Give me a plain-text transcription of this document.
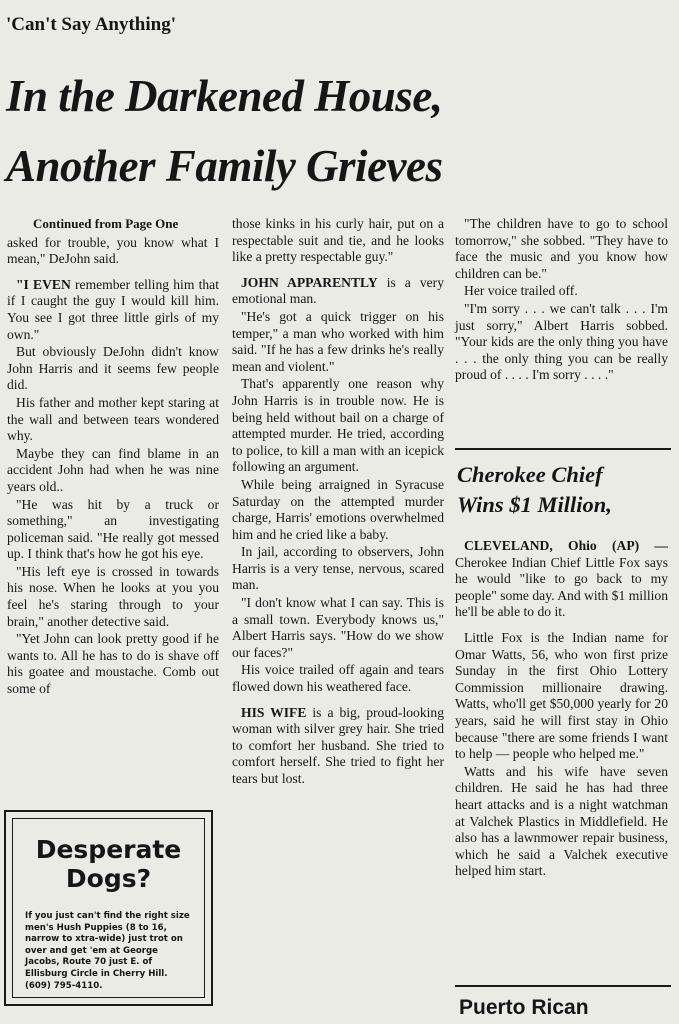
'Can't Say Anything'
In the Darkened House,
Another Family Grieves

Continued from Page One

asked for trouble, you know what I mean," DeJohn said.

"I EVEN remember telling him that if I caught the guy I would kill him. You see I got three little girls of my own."

But obviously DeJohn didn't know John Harris and it seems few people did.

His father and mother kept staring at the wall and between tears wondered why.

Maybe they can find blame in an accident John had when he was nine years old..

"He was hit by a truck or something," an investigating policeman said. "He really got messed up. I think that's how he got his eye.

"His left eye is crossed in towards his nose. When he looks at you you feel he's staring through to your brain," another detective said.

"Yet John can look pretty good if he wants to. All he has to do is shave off his goatee and moustache. Comb out some of

Desperate
Dogs?
If you just can't find the right size men's Hush Puppies (8 to 16, narrow to xtra-wide) just trot on over and get 'em at George Jacobs, Route 70 just E. of Ellisburg Circle in Cherry Hill.
(609) 795-4110.

those kinks in his curly hair, put on a respectable suit and tie, and he looks like a pretty respectable guy."

JOHN APPARENTLY is a very emotional man.

"He's got a quick trigger on his temper," a man who worked with him said. "If he has a few drinks he's really mean and violent."

That's apparently one reason why John Harris is in trouble now. He is being held without bail on a charge of attempted murder. He tried, according to police, to kill a man with an icepick following an argument.

While being arraigned in Syracuse Saturday on the attempted murder charge, Harris' emotions overwhelmed him and he cried like a baby.

In jail, according to observers, John Harris is a very tense, nervous, scared man.

"I don't know what I can say. This is a small town. Everybody knows us," Albert Harris says. "How do we show our faces?"

His voice trailed off again and tears flowed down his weathered face.

HIS WIFE is a big, proud-looking woman with silver grey hair. She tried to comfort her husband. She tried to comfort herself. She tried to fight her tears but lost.

"The children have to go to school tomorrow," she sobbed. "They have to face the music and you know how children can be."

Her voice trailed off.

"I'm sorry . . . we can't talk . . . I'm just sorry," Albert Harris sobbed. "Your kids are the only thing you have . . . the only thing you can be really proud of . . . . I'm sorry . . . ."

Cherokee Chief
Wins $1 Million,

CLEVELAND, Ohio (AP) — Cherokee Indian Chief Little Fox says he would "like to go back to my people" some day. And with $1 million he'll be able to do it.

Little Fox is the Indian name for Omar Watts, 56, who won first prize Sunday in the first Ohio Lottery Commission millionaire drawing. Watts, who'll get $50,000 yearly for 20 years, said he will first stay in Ohio because "there are some friends I want to help — people who helped me."

Watts and his wife have seven children. He said he has had three heart attacks and is a night watchman at Valchek Plastics in Middlefield. He also has a lawnmower repair business, which he said a Valchek executive helped him start.

Puerto Rican
